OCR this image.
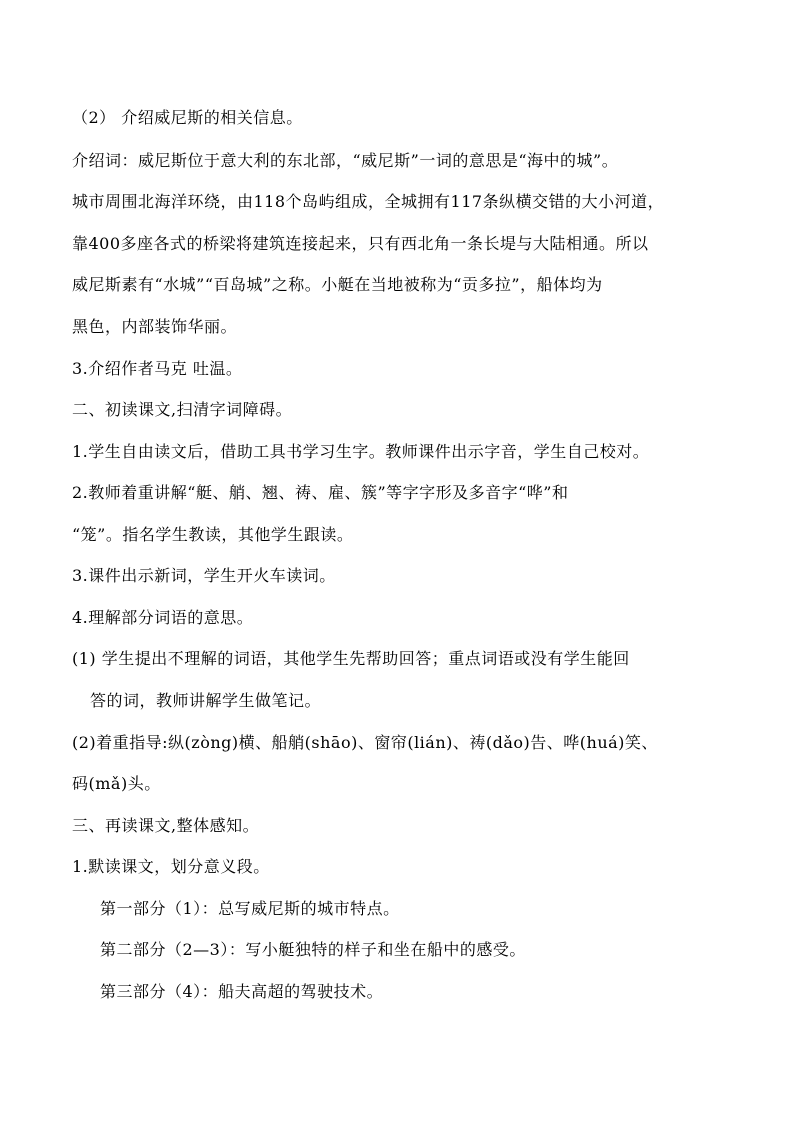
（2） 介绍威尼斯的相关信息。
介绍词：威尼斯位于意大利的东北部，“威尼斯”一词的意思是“海中的城”。
城市周围北海洋环绕，由118个岛屿组成，全城拥有117条纵横交错的大小河道，
靠400多座各式的桥梁将建筑连接起来，只有西北角一条长堤与大陆相通。所以
威尼斯素有“水城”“百岛城”之称。小艇在当地被称为“贡多拉”，船体均为
黑色，内部装饰华丽。
3.介绍作者马克 吐温。
二、初读课文,扫清字词障碍。
1.学生自由读文后，借助工具书学习生字。教师课件出示字音，学生自己校对。
2.教师着重讲解“艇、艄、翘、祷、雇、簇”等字字形及多音字“哗”和
“笼”。指名学生教读，其他学生跟读。
3.课件出示新词，学生开火车读词。
4.理解部分词语的意思。
(1) 学生提出不理解的词语，其他学生先帮助回答；重点词语或没有学生能回
答的词，教师讲解学生做笔记。
(2)着重指导:纵(zòng)横、船艄(shāo)、窗帘(lián)、祷(dǎo)告、哗(huá)笑、
码(mǎ)头。
三、再读课文,整体感知。
1.默读课文，划分意义段。
第一部分（1）：总写威尼斯的城市特点。
第二部分（2—3）：写小艇独特的样子和坐在船中的感受。
第三部分（4）：船夫高超的驾驶技术。
